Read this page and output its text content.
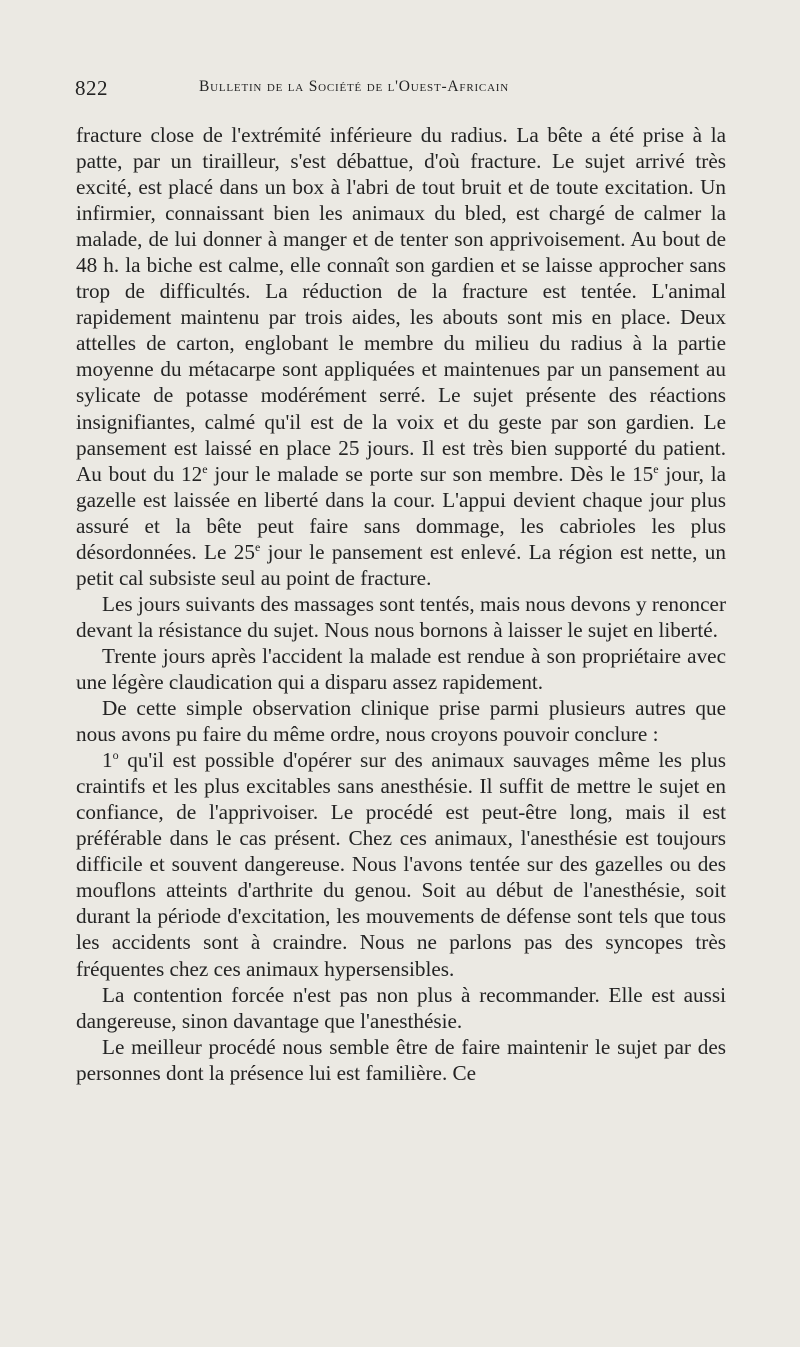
822	Bulletin de la Société de l'Ouest-Africain

fracture close de l'extrémité inférieure du radius. La bête a été prise à la patte, par un tirailleur, s'est débattue, d'où fracture. Le sujet arrivé très excité, est placé dans un box à l'abri de tout bruit et de toute excitation. Un infirmier, connaissant bien les animaux du bled, est chargé de calmer la malade, de lui donner à manger et de tenter son apprivoisement. Au bout de 48 h. la biche est calme, elle connaît son gardien et se laisse approcher sans trop de difficultés. La réduction de la fracture est tentée. L'animal rapidement maintenu par trois aides, les abouts sont mis en place. Deux attelles de carton, englobant le membre du milieu du radius à la partie moyenne du métacarpe sont appliquées et maintenues par un pansement au sylicate de potasse modérément serré. Le sujet présente des réactions insignifiantes, calmé qu'il est de la voix et du geste par son gardien. Le pansement est laissé en place 25 jours. Il est très bien supporté du patient. Au bout du 12e jour le malade se porte sur son membre. Dès le 15e jour, la gazelle est laissée en liberté dans la cour. L'appui devient chaque jour plus assuré et la bête peut faire sans dommage, les cabrioles les plus désordonnées. Le 25e jour le pansement est enlevé. La région est nette, un petit cal subsiste seul au point de fracture.

Les jours suivants des massages sont tentés, mais nous devons y renoncer devant la résistance du sujet. Nous nous bornons à laisser le sujet en liberté.

Trente jours après l'accident la malade est rendue à son propriétaire avec une légère claudication qui a disparu assez rapidement.

De cette simple observation clinique prise parmi plusieurs autres que nous avons pu faire du même ordre, nous croyons pouvoir conclure :

1$^o$ qu'il est possible d'opérer sur des animaux sauvages même les plus craintifs et les plus excitables sans anesthésie. Il suffit de mettre le sujet en confiance, de l'apprivoiser. Le procédé est peut-être long, mais il est préférable dans le cas présent. Chez ces animaux, l'anesthésie est toujours difficile et souvent dangereuse. Nous l'avons tentée sur des gazelles ou des mouflons atteints d'arthrite du genou. Soit au début de l'anesthésie, soit durant la période d'excitation, les mouvements de défense sont tels que tous les accidents sont à craindre. Nous ne parlons pas des syncopes très fréquentes chez ces animaux hypersensibles.

La contention forcée n'est pas non plus à recommander. Elle est aussi dangereuse, sinon davantage que l'anesthésie.

Le meilleur procédé nous semble être de faire maintenir le sujet par des personnes dont la présence lui est familière. Ce
